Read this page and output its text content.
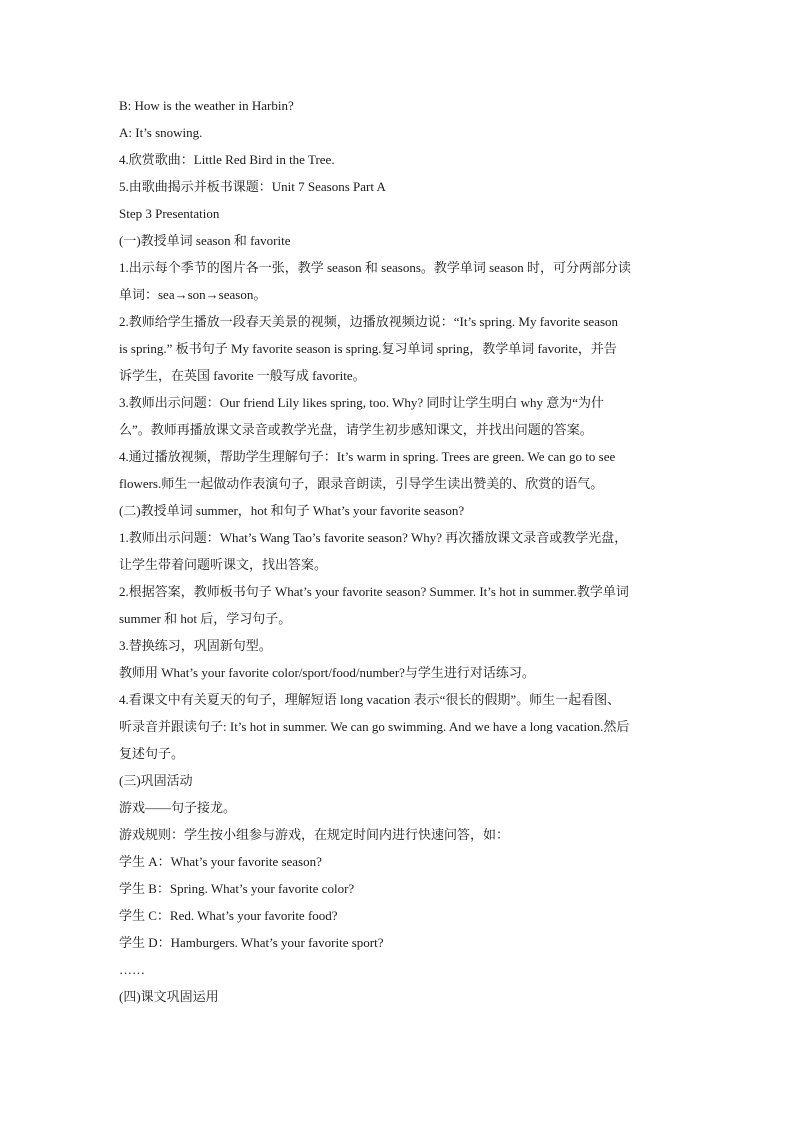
B: How is the weather in Harbin?

A: It’s snowing.

4.欣赏歌曲：Little Red Bird in the Tree.

5.由歌曲揭示并板书课题：Unit 7 Seasons Part A

Step 3 Presentation

(一)教授单词 season 和 favorite

1.出示每个季节的图片各一张，教学 season 和 seasons。教学单词 season 时，可分两部分读

单词：sea→son→season。

2.教师给学生播放一段春天美景的视频，边播放视频边说：“It’s spring. My favorite season

is spring.” 板书句子 My favorite season is spring.复习单词 spring，教学单词 favorite，并告

诉学生，在英国 favorite 一般写成 favorite。

3.教师出示问题：Our friend Lily likes spring, too. Why? 同时让学生明白 why 意为“为什

么”。教师再播放课文录音或教学光盘，请学生初步感知课文，并找出问题的答案。

4.通过播放视频，帮助学生理解句子：It’s warm in spring. Trees are green. We can go to see

flowers.师生一起做动作表演句子，跟录音朗读，引导学生读出赞美的、欣赏的语气。

(二)教授单词 summer，hot 和句子 What’s your favorite season?

1.教师出示问题：What’s Wang Tao’s favorite season? Why? 再次播放课文录音或教学光盘，

让学生带着问题听课文，找出答案。

2.根据答案，教师板书句子 What’s your favorite season? Summer. It’s hot in summer.教学单词

summer 和 hot 后，学习句子。

3.替换练习，巩固新句型。

教师用 What’s your favorite color/sport/food/number?与学生进行对话练习。

4.看课文中有关夏天的句子，理解短语 long vacation 表示“很长的假期”。师生一起看图、

听录音并跟读句子: It’s hot in summer. We can go swimming. And we have a long vacation.然后

复述句子。

(三)巩固活动

游戏——句子接龙。

游戏规则：学生按小组参与游戏，在规定时间内进行快速问答，如：

学生 A：What’s your favorite season?

学生 B：Spring. What’s your favorite color?

学生 C：Red. What’s your favorite food?

学生 D：Hamburgers. What’s your favorite sport?

……

(四)课文巩固运用
